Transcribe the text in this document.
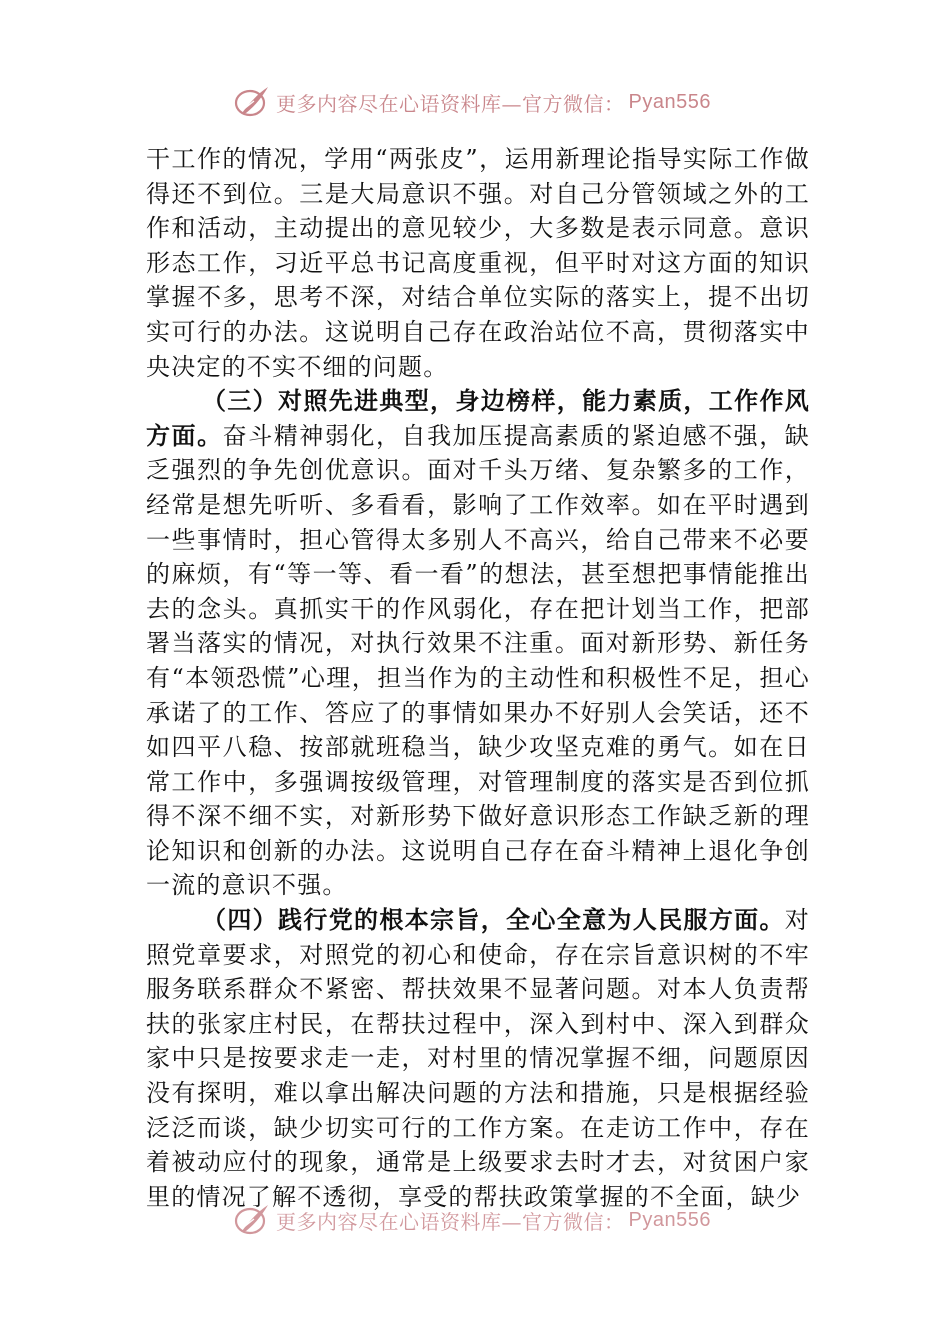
更多内容尽在心语资料库—官方微信： Pyan556

干工作的情况，学用“两张皮”，运用新理论指导实际工作做得还不到位。三是大局意识不强。对自己分管领域之外的工作和活动，主动提出的意见较少，大多数是表示同意。意识形态工作，习近平总书记高度重视，但平时对这方面的知识掌握不多，思考不深，对结合单位实际的落实上，提不出切实可行的办法。这说明自己存在政治站位不高，贯彻落实中央决定的不实不细的问题。

（三）对照先进典型，身边榜样，能力素质，工作作风方面。奋斗精神弱化，自我加压提高素质的紧迫感不强，缺乏强烈的争先创优意识。面对千头万绪、复杂繁多的工作，经常是想先听听、多看看，影响了工作效率。如在平时遇到一些事情时，担心管得太多别人不高兴，给自己带来不必要的麻烦，有“等一等、看一看”的想法，甚至想把事情能推出去的念头。真抓实干的作风弱化，存在把计划当工作，把部署当落实的情况，对执行效果不注重。面对新形势、新任务有“本领恐慌”心理，担当作为的主动性和积极性不足，担心承诺了的工作、答应了的事情如果办不好别人会笑话，还不如四平八稳、按部就班稳当，缺少攻坚克难的勇气。如在日常工作中，多强调按级管理，对管理制度的落实是否到位抓得不深不细不实，对新形势下做好意识形态工作缺乏新的理论知识和创新的办法。这说明自己存在奋斗精神上退化争创一流的意识不强。

（四）践行党的根本宗旨，全心全意为人民服方面。对照党章要求，对照党的初心和使命，存在宗旨意识树的不牢服务联系群众不紧密、帮扶效果不显著问题。对本人负责帮扶的张家庄村民，在帮扶过程中，深入到村中、深入到群众家中只是按要求走一走，对村里的情况掌握不细，问题原因没有探明，难以拿出解决问题的方法和措施，只是根据经验泛泛而谈，缺少切实可行的工作方案。在走访工作中，存在着被动应付的现象，通常是上级要求去时才去，对贫困户家里的情况了解不透彻，享受的帮扶政策掌握的不全面，缺少

更多内容尽在心语资料库—官方微信： Pyan556
